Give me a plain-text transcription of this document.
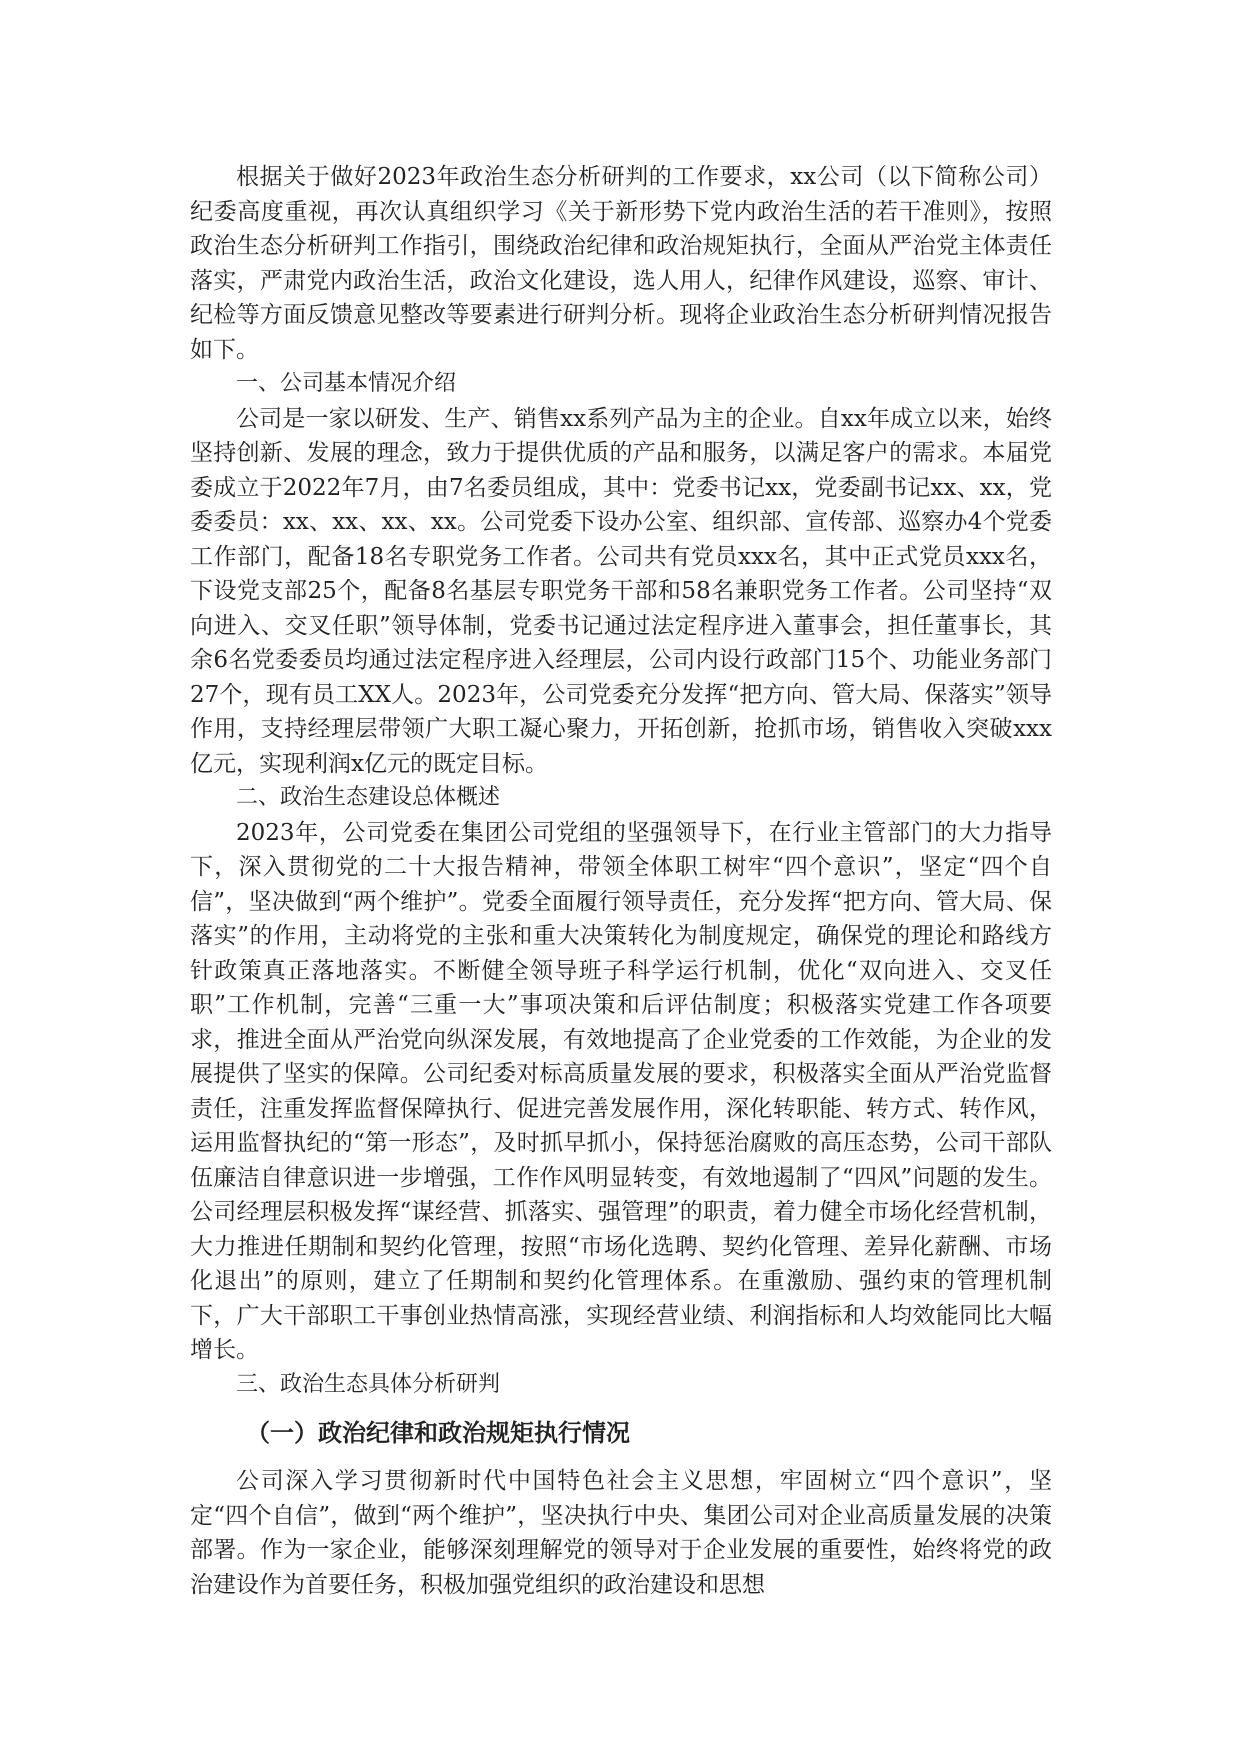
根据关于做好2023年政治生态分析研判的工作要求，xx公司（以下简称公司）纪委高度重视，再次认真组织学习《关于新形势下党内政治生活的若干准则》，按照政治生态分析研判工作指引，围绕政治纪律和政治规矩执行，全面从严治党主体责任落实，严肃党内政治生活，政治文化建设，选人用人，纪律作风建设，巡察、审计、纪检等方面反馈意见整改等要素进行研判分析。现将企业政治生态分析研判情况报告如下。

一、公司基本情况介绍

公司是一家以研发、生产、销售xx系列产品为主的企业。自xx年成立以来，始终坚持创新、发展的理念，致力于提供优质的产品和服务，以满足客户的需求。本届党委成立于2022年7月，由7名委员组成，其中：党委书记xx，党委副书记xx、xx，党委委员：xx、xx、xx、xx。公司党委下设办公室、组织部、宣传部、巡察办4个党委工作部门，配备18名专职党务工作者。公司共有党员xxx名，其中正式党员xxx名，下设党支部25个，配备8名基层专职党务干部和58名兼职党务工作者。公司坚持“双向进入、交叉任职”领导体制，党委书记通过法定程序进入董事会，担任董事长，其余6名党委委员均通过法定程序进入经理层，公司内设行政部门15个、功能业务部门27个，现有员工XX人。2023年，公司党委充分发挥“把方向、管大局、保落实”领导作用，支持经理层带领广大职工凝心聚力，开拓创新，抢抓市场，销售收入突破xxx亿元，实现利润x亿元的既定目标。

二、政治生态建设总体概述

2023年，公司党委在集团公司党组的坚强领导下，在行业主管部门的大力指导下，深入贯彻党的二十大报告精神，带领全体职工树牢“四个意识”，坚定“四个自信”，坚决做到“两个维护”。党委全面履行领导责任，充分发挥“把方向、管大局、保落实”的作用，主动将党的主张和重大决策转化为制度规定，确保党的理论和路线方针政策真正落地落实。不断健全领导班子科学运行机制，优化“双向进入、交叉任职”工作机制，完善“三重一大”事项决策和后评估制度；积极落实党建工作各项要求，推进全面从严治党向纵深发展，有效地提高了企业党委的工作效能，为企业的发展提供了坚实的保障。公司纪委对标高质量发展的要求，积极落实全面从严治党监督责任，注重发挥监督保障执行、促进完善发展作用，深化转职能、转方式、转作风，运用监督执纪的“第一形态”，及时抓早抓小，保持惩治腐败的高压态势，公司干部队伍廉洁自律意识进一步增强，工作作风明显转变，有效地遏制了“四风”问题的发生。公司经理层积极发挥“谋经营、抓落实、强管理”的职责，着力健全市场化经营机制，大力推进任期制和契约化管理，按照“市场化选聘、契约化管理、差异化薪酬、市场化退出”的原则，建立了任期制和契约化管理体系。在重激励、强约束的管理机制下，广大干部职工干事创业热情高涨，实现经营业绩、利润指标和人均效能同比大幅增长。

三、政治生态具体分析研判

（一）政治纪律和政治规矩执行情况

公司深入学习贯彻新时代中国特色社会主义思想，牢固树立“四个意识”，坚定“四个自信”，做到“两个维护”，坚决执行中央、集团公司对企业高质量发展的决策部署。作为一家企业，能够深刻理解党的领导对于企业发展的重要性，始终将党的政治建设作为首要任务，积极加强党组织的政治建设和思想
